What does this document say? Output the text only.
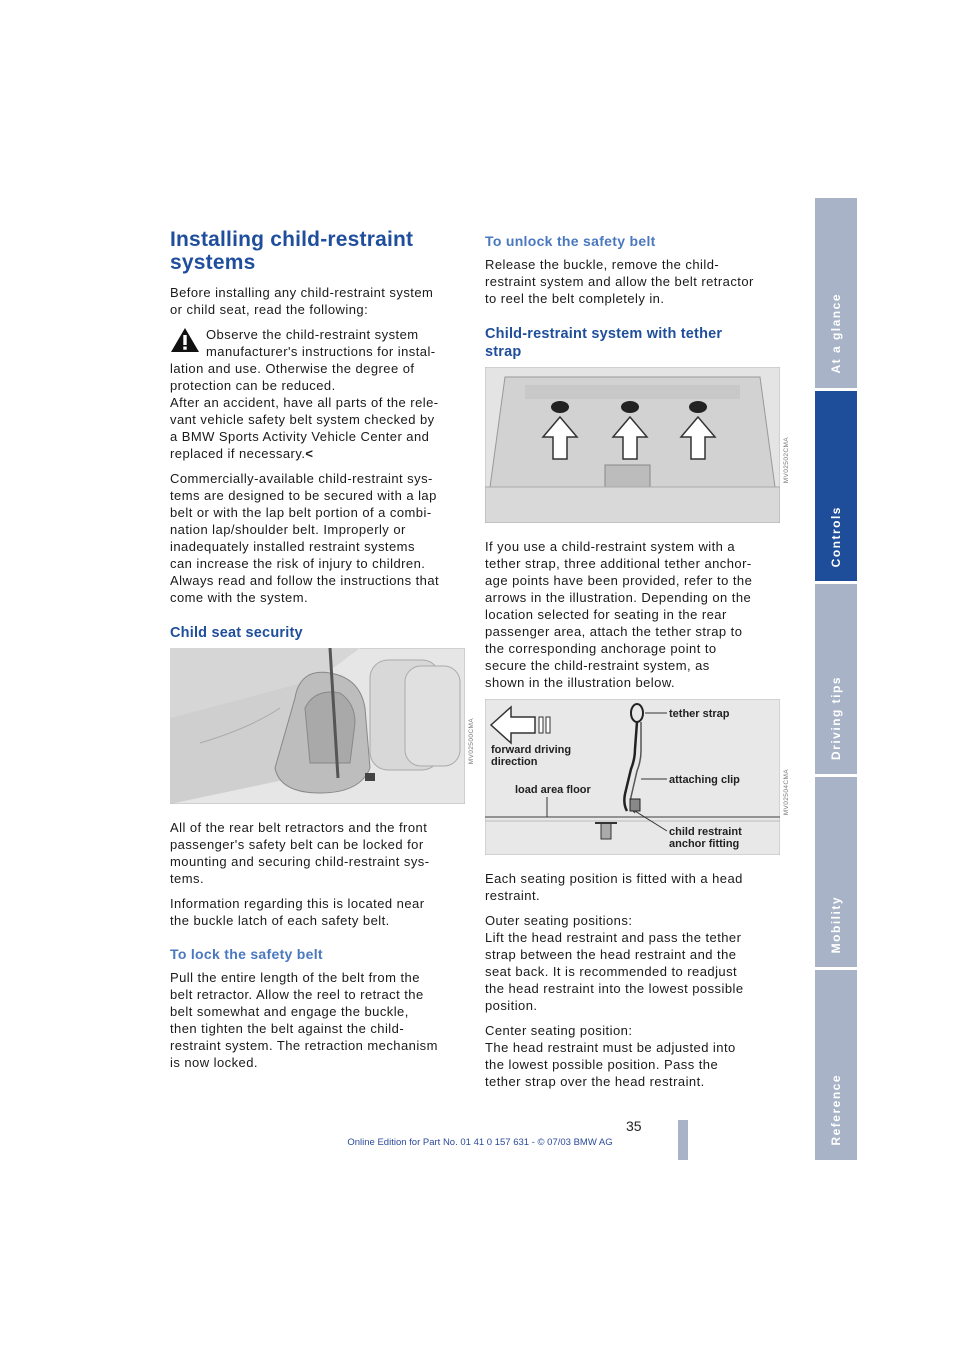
Installing child-restraint
systems

Before installing any child-restraint system
or child seat, read the following:

Observe the child-restraint system
manufacturer's instructions for instal-

lation and use. Otherwise the degree of
protection can be reduced.
After an accident, have all parts of the rele-
vant vehicle safety belt system checked by
a BMW Sports Activity Vehicle Center and
replaced if necessary.<

Commercially-available child-restraint sys-
tems are designed to be secured with a lap
belt or with the lap belt portion of a combi-
nation lap/shoulder belt. Improperly or
inadequately installed restraint systems
can increase the risk of injury to children.
Always read and follow the instructions that
come with the system.

Child seat security
MV02500CMA

All of the rear belt retractors and the front
passenger's safety belt can be locked for
mounting and securing child-restraint sys-
tems.

Information regarding this is located near
the buckle latch of each safety belt.

To lock the safety belt

Pull the entire length of the belt from the
belt retractor. Allow the reel to retract the
belt somewhat and engage the buckle,
then tighten the belt against the child-
restraint system. The retraction mechanism
is now locked.

To unlock the safety belt

Release the buckle, remove the child-
restraint system and allow the belt retractor
to reel the belt completely in.

Child-restraint system with tether
strap
MV02502CMA

If you use a child-restraint system with a
tether strap, three additional tether anchor-
age points have been provided, refer to the
arrows in the illustration. Depending on the
location selected for seating in the rear
passenger area, attach the tether strap to
the corresponding anchorage point to
secure the child-restraint system, as
shown in the illustration below.

tether strap
attaching clip
child restraint
anchor fitting
forward driving
direction
load area floor	MV02504CMA

Each seating position is fitted with a head
restraint.

Outer seating positions:
Lift the head restraint and pass the tether
strap between the head restraint and the
seat back. It is recommended to readjust
the head restraint into the lowest possible
position.

Center seating position:
The head restraint must be adjusted into
the lowest possible position. Pass the
tether strap over the head restraint.

At a glance
Controls
Driving tips
Mobility
Reference
35
Online Edition for Part No. 01 41 0 157 631 - © 07/03 BMW AG
